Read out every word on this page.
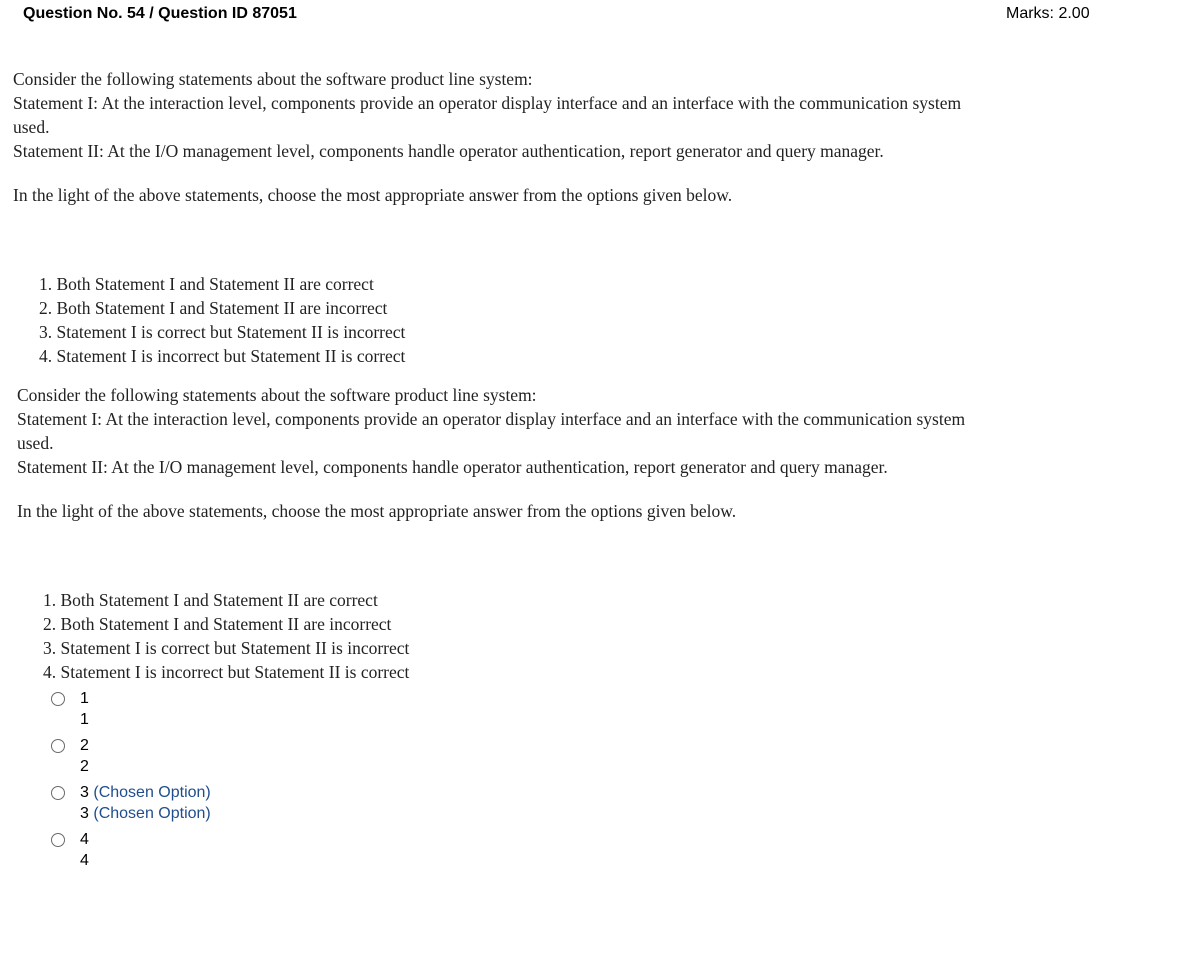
Question No. 54 / Question ID 87051	Marks: 2.00

Consider the following statements about the software product line system:

Statement I: At the interaction level, components provide an operator display interface and an interface with the communication system

used.

Statement II: At the I/O management level, components handle operator authentication, report generator and query manager.

In the light of the above statements, choose the most appropriate answer from the options given below.

1. Both Statement I and Statement II are correct
2. Both Statement I and Statement II are incorrect
3. Statement I is correct but Statement II is incorrect
4. Statement I is incorrect but Statement II is correct

Consider the following statements about the software product line system:

Statement I: At the interaction level, components provide an operator display interface and an interface with the communication system

used.

Statement II: At the I/O management level, components handle operator authentication, report generator and query manager.

In the light of the above statements, choose the most appropriate answer from the options given below.

1. Both Statement I and Statement II are correct
2. Both Statement I and Statement II are incorrect
3. Statement I is correct but Statement II is incorrect
4. Statement I is incorrect but Statement II is correct
1
1
2
2
3 (Chosen Option)
3 (Chosen Option)
4
4
